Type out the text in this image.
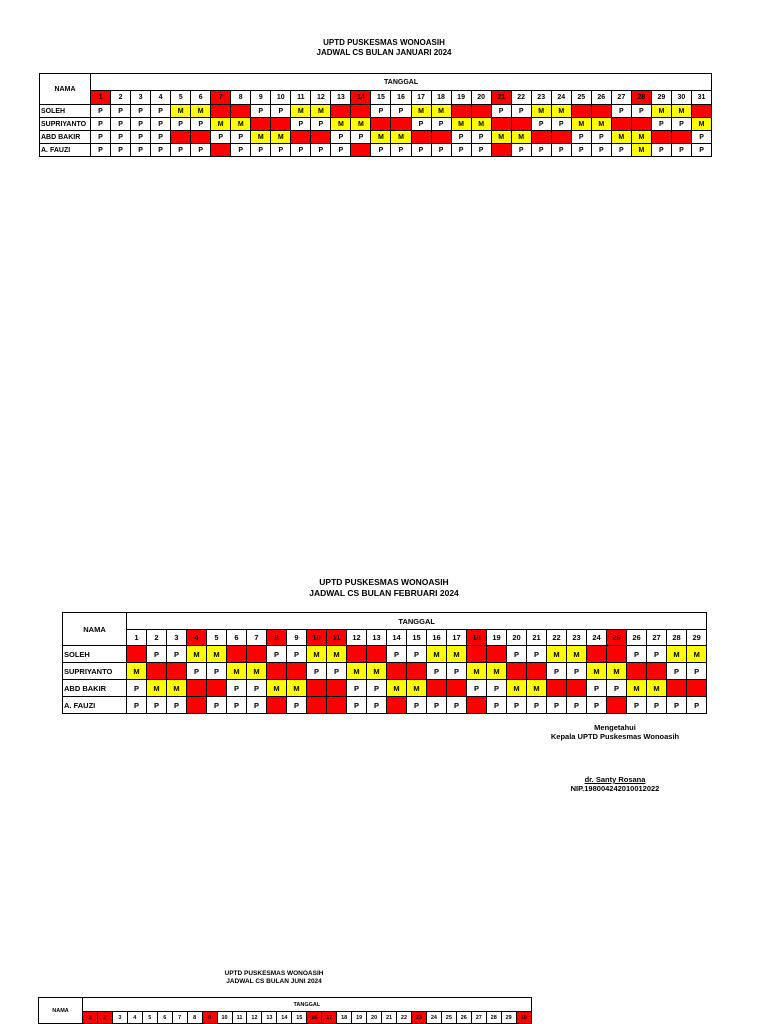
UPTD PUSKESMAS WONOASIH
JADWAL CS BULAN JANUARI 2024
NAMA	TANGGAL																														
	1	2	3	4	5	6	7	8	9	10	11	12	13	14	15	16	17	18	19	20	21	22	23	24	25	26	27	28	29	30	31
SOLEH	P	P	P	P	M	M			P	P	M	M			P	P	M	M			P	P	M	M			P	P	M	M	
SUPRIYANTO	P	P	P	P	P	P	M	M			P	P	M	M			P	P	M	M			P	P	M	M			P	P	M
ABD BAKIR	P	P	P	P			P	P	M	M			P	P	M	M			P	P	M	M			P	P	M	M			P
A. FAUZI	P	P	P	P	P	P		P	P	P	P	P	P		P	P	P	P	P	P		P	P	P	P	P	P	M	P	P	P
UPTD PUSKESMAS WONOASIH
JADWAL CS BULAN FEBRUARI 2024
NAMA	TANGGAL																												
	1	2	3	4	5	6	7	8	9	10	11	12	13	14	15	16	17	18	19	20	21	22	23	24	25	26	27	28	29
SOLEH		P	P	M	M			P	P	M	M			P	P	M	M			P	P	M	M			P	P	M	M
SUPRIYANTO	M			P	P	M	M			P	P	M	M			P	P	M	M			P	P	M	M			P	P
ABD BAKIR	P	M	M			P	P	M	M			P	P	M	M			P	P	M	M			P	P	M	M		
A. FAUZI	P	P	P		P	P	P		P			P	P		P	P	P		P	P	P	P	P	P		P	P	P	P
Mengetahui
Kepala UPTD Puskesmas Wonoasih
dr. Santy Rosana
NIP.198004242010012022
UPTD PUSKESMAS WONOASIH
JADWAL CS BULAN JUNI 2024
NAMA	TANGGAL																													
	1	2	3	4	5	6	7	8	9	10	11	12	13	14	15	16	17	18	19	20	21	22	23	24	25	26	27	28	29	30
